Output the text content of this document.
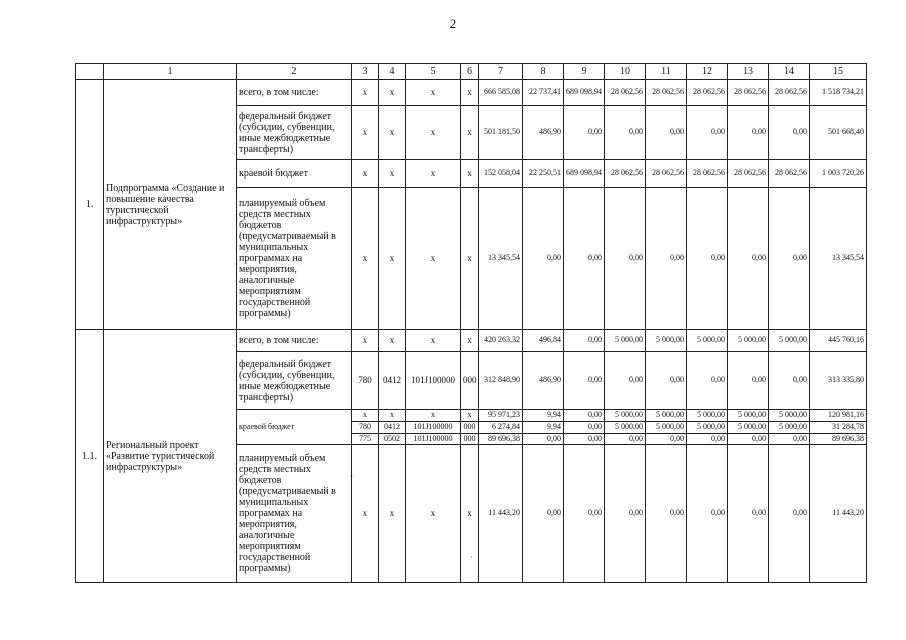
2
	1	2	3	4	5	6	7	8	9	10	11	12	13	14	15
1.	Подпрограмма «Создание и повышение качества туристической инфраструктуры»	всего, в том числе:	x	x	x	x	666 585,08	22 737,41	689 098,94	28 062,56	28 062,56	28 062,56	28 062,56	28 062,56	1 518 734,21
		федеральный бюджет (субсидии, субвенции, иные межбюджетные трансферты)	x	x	x	x	501 181,50	486,90	0,00	0,00	0,00	0,00	0,00	0,00	501 668,40
		краевой бюджет	x	x	x	x	152 058,04	22 250,51	689 098,94	28 062,56	28 062,56	28 062,56	28 062,56	28 062,56	1 003 720,26
		планируемый объем средств местных бюджетов (предусматриваемый в муниципальных программах на мероприятия, аналогичные мероприятиям государственной программы)	x	x	x	x	13 345,54	0,00	0,00	0,00	0,00	0,00	0,00	0,00	13 345,54
1.1.	Региональный проект «Развитие туристической инфраструктуры»	всего, в том числе:	x	x	x	x	420 263,32	496,84	0,00	5 000,00	5 000,00	5 000,00	5 000,00	5 000,00	445 760,16
		федеральный бюджет (субсидии, субвенции, иные межбюджетные трансферты)	780	0412	101J100000	000	312 848,90	486,90	0,00	0,00	0,00	0,00	0,00	0,00	313 335,80
		краевой бюджет	x	x	x	x	95 971,23	9,94	0,00	5 000,00	5 000,00	5 000,00	5 000,00	5 000,00	120 981,16
			780	0412	101J100000	000	6 274,84	9,94	0,00	5 000,00	5 000,00	5 000,00	5 000,00	5 000,00	31 284,78
			775	0502	101J100000	000	89 696,38	0,00	0,00	0,00	0,00	0,00	0,00	0,00	89 696,38
		планируемый объем средств местных бюджетов (предусматриваемый в муниципальных программах на мероприятия, аналогичные мероприятиям государственной программы)	x	x	x	x	11 443,20	0,00	0,00	0,00	0,00	0,00	0,00	0,00	11 443,20
-
·
